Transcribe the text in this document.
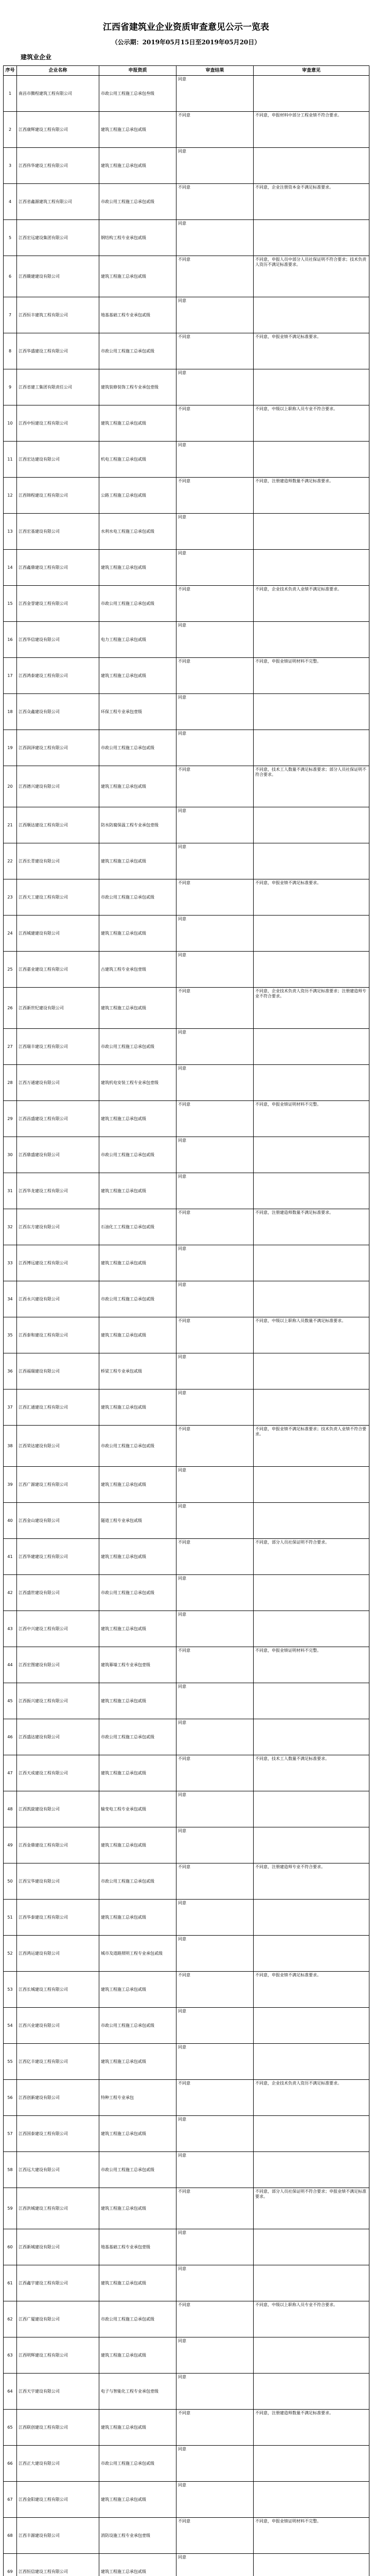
江西省建筑业企业资质审查意见公示一览表
（公示期：2019年05月15日至2019年05月20日）
建筑业企业
序号	企业名称	申报资质	审查结果	审查意见
1	南昌市腾程建筑工程有限公司	市政公用工程施工总承包叁级	同意	
2	江西康辉建设工程有限公司	建筑工程施工总承包贰级	不同意	不同意，申报材料中部分工程业绩不符合要求。
3	江西伟华建设工程有限公司	建筑工程施工总承包贰级	同意	
4	江西省鑫源建筑工程有限公司	市政公用工程施工总承包贰级	不同意	不同意，企业注册资本金不满足标准要求。
5	江西宏远建设集团有限公司	钢结构工程专业承包贰级	同意	
6	江西赣建建设有限公司	建筑工程施工总承包贰级	不同意	不同意，申报人员中部分人员社保证明不符合要求；技术负责人资历不满足标准要求。
7	江西恒丰建筑工程有限公司	地基基础工程专业承包贰级	同意	
8	江西华盛建设工程有限公司	市政公用工程施工总承包贰级	不同意	不同意，申报业绩不满足标准要求。
9	江西省建工集团有限责任公司	建筑装修装饰工程专业承包壹级	同意	
10	江西中恒建设工程有限公司	建筑工程施工总承包贰级	不同意	不同意，中级以上职称人员专业不符合要求。
11	江西宏达建设有限公司	机电工程施工总承包贰级	同意	
12	江西锦程建设工程有限公司	公路工程施工总承包贰级	不同意	不同意，注册建造师数量不满足标准要求。
13	江西宏基建设有限公司	水利水电工程施工总承包贰级	同意	
14	江西鑫鼎建设工程有限公司	建筑工程施工总承包贰级	同意	
15	江西金誉建设工程有限公司	市政公用工程施工总承包贰级	不同意	不同意，企业技术负责人业绩不满足标准要求。
16	江西华信建设有限公司	电力工程施工总承包贰级	同意	
17	江西鸿泰建设工程有限公司	建筑工程施工总承包贰级	不同意	不同意，申报业绩证明材料不完整。
18	江西众鑫建设有限公司	环保工程专业承包壹级	同意	
19	江西润泽建设工程有限公司	市政公用工程施工总承包贰级	同意	
20	江西德兴建设有限公司	建筑工程施工总承包贰级	不同意	不同意，技术工人数量不满足标准要求；部分人员社保证明不符合要求。
21	江西顺达建设工程有限公司	防水防腐保温工程专业承包壹级	同意	
22	江西长青建设有限公司	建筑工程施工总承包贰级	同意	
23	江西天工建设工程有限公司	市政公用工程施工总承包贰级	不同意	不同意，申报业绩不满足标准要求。
24	江西城建建设有限公司	建筑工程施工总承包贰级	同意	
25	江西嘉业建设工程有限公司	古建筑工程专业承包壹级	同意	
26	江西新世纪建设有限公司	建筑工程施工总承包贰级	不同意	不同意，企业技术负责人资历不满足标准要求；注册建造师专业不符合要求。
27	江西瑞丰建设工程有限公司	市政公用工程施工总承包贰级	同意	
28	江西万通建设有限公司	建筑机电安装工程专业承包壹级	同意	
29	江西昌盛建设工程有限公司	建筑工程施工总承包贰级	不同意	不同意，申报业绩证明材料不完整。
30	江西鼎盛建设有限公司	市政公用工程施工总承包贰级	同意	
31	江西华龙建设工程有限公司	建筑工程施工总承包贰级	同意	
32	江西东方建设有限公司	石油化工工程施工总承包贰级	不同意	不同意，注册建造师数量不满足标准要求。
33	江西博远建设工程有限公司	建筑工程施工总承包贰级	同意	
34	江西永兴建设有限公司	市政公用工程施工总承包贰级	同意	
35	江西泰和建设工程有限公司	建筑工程施工总承包贰级	不同意	不同意，中级以上职称人员数量不满足标准要求。
36	江西福瑞建设有限公司	桥梁工程专业承包贰级	同意	
37	江西汇通建设工程有限公司	建筑工程施工总承包贰级	同意	
38	江西荣达建设有限公司	市政公用工程施工总承包贰级	不同意	不同意，申报业绩不满足标准要求；技术负责人业绩不符合要求。
39	江西广源建设工程有限公司	建筑工程施工总承包贰级	同意	
40	江西金山建设有限公司	隧道工程专业承包贰级	同意	
41	江西华建建设工程有限公司	建筑工程施工总承包贰级	不同意	不同意，部分人员社保证明不符合要求。
42	江西盛世建设有限公司	市政公用工程施工总承包贰级	同意	
43	江西中兴建设工程有限公司	建筑工程施工总承包贰级	同意	
44	江西宏图建设有限公司	建筑幕墙工程专业承包壹级	不同意	不同意，申报业绩证明材料不完整。
45	江西振兴建设工程有限公司	建筑工程施工总承包贰级	同意	
46	江西盛达建设有限公司	市政公用工程施工总承包贰级	同意	
47	江西天成建设工程有限公司	建筑工程施工总承包贰级	不同意	不同意，技术工人数量不满足标准要求。
48	江西凯旋建设有限公司	输变电工程专业承包贰级	同意	
49	江西金鼎建设工程有限公司	建筑工程施工总承包贰级	同意	
50	江西宝华建设有限公司	市政公用工程施工总承包贰级	不同意	不同意，注册建造师专业不符合要求。
51	江西华泰建设工程有限公司	建筑工程施工总承包贰级	同意	
52	江西鸿运建设有限公司	城市及道路照明工程专业承包贰级	同意	
53	江西长城建设工程有限公司	建筑工程施工总承包贰级	不同意	不同意，申报业绩不满足标准要求。
54	江西兴业建设有限公司	市政公用工程施工总承包贰级	同意	
55	江西亿丰建设工程有限公司	建筑工程施工总承包贰级	同意	
56	江西创新建设有限公司	特种工程专业承包	不同意	不同意，企业技术负责人资历不满足标准要求。
57	江西国泰建设工程有限公司	建筑工程施工总承包贰级	同意	
58	江西远大建设有限公司	市政公用工程施工总承包贰级	同意	
59	江西洪城建设工程有限公司	建筑工程施工总承包贰级	不同意	不同意，部分人员社保证明不符合要求；申报业绩不满足标准要求。
60	江西新城建设有限公司	地基基础工程专业承包壹级	同意	
61	江西鑫宇建设工程有限公司	建筑工程施工总承包贰级	同意	
62	江西广厦建设有限公司	市政公用工程施工总承包贰级	不同意	不同意，中级以上职称人员专业不符合要求。
63	江西明辉建设工程有限公司	建筑工程施工总承包贰级	同意	
64	江西天宇建设有限公司	电子与智能化工程专业承包壹级	同意	
65	江西联创建设工程有限公司	建筑工程施工总承包贰级	不同意	不同意，注册建造师数量不满足标准要求。
66	江西正大建设有限公司	市政公用工程施工总承包贰级	同意	
67	江西金阳建设工程有限公司	建筑工程施工总承包贰级	同意	
68	江西丰源建设有限公司	消防设施工程专业承包壹级	不同意	不同意，申报业绩证明材料不完整。
69	江西恒信建设工程有限公司	建筑工程施工总承包贰级	同意	
